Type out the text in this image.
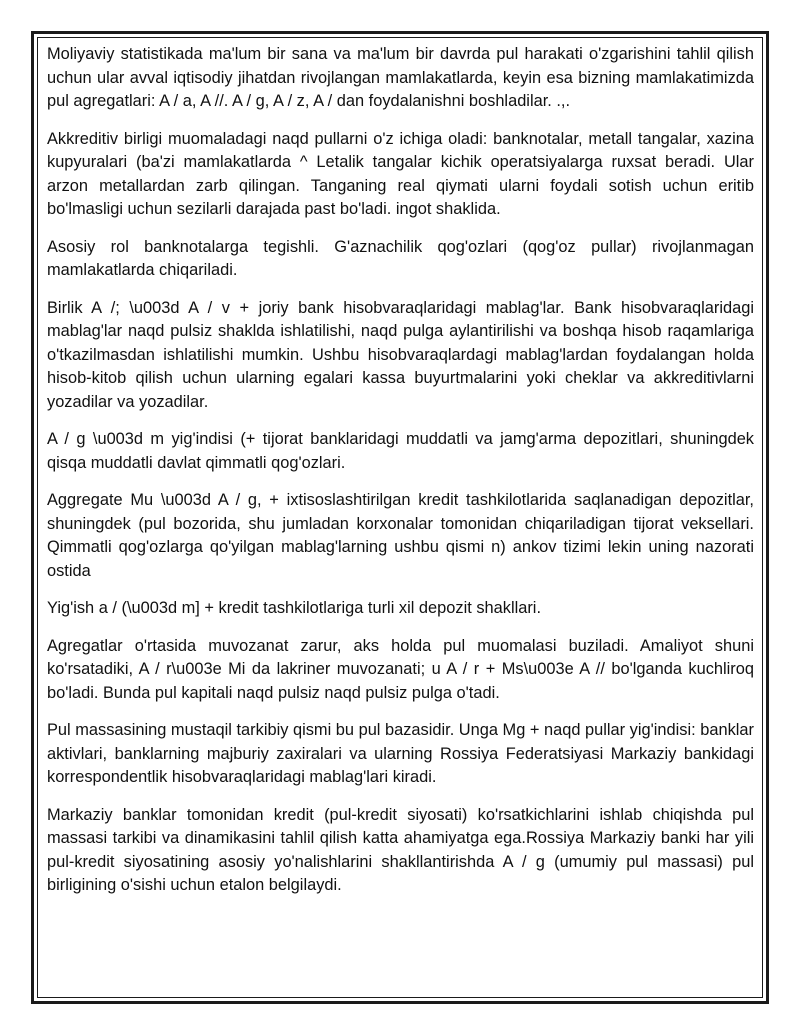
Moliyaviy statistikada ma'lum bir sana va ma'lum bir davrda pul harakati o'zgarishini tahlil qilish uchun ular avval iqtisodiy jihatdan rivojlangan mamlakatlarda, keyin esa bizning mamlakatimizda pul agregatlari: A / a, A //. A / g, A / z, A / dan foydalanishni boshladilar. .,.

Akkreditiv birligi muomaladagi naqd pullarni o'z ichiga oladi: banknotalar, metall tangalar, xazina kupyuralari (ba'zi mamlakatlarda ^ Letalik tangalar kichik operatsiyalarga ruxsat beradi. Ular arzon metallardan zarb qilingan. Tanganing real qiymati ularni foydali sotish uchun eritib bo'lmasligi uchun sezilarli darajada past bo'ladi. ingot shaklida.

Asosiy rol banknotalarga tegishli. G'aznachilik qog'ozlari (qog'oz pullar) rivojlanmagan mamlakatlarda chiqariladi.

Birlik A /; \u003d A / v + joriy bank hisobvaraqlaridagi mablag'lar. Bank hisobvaraqlaridagi mablag'lar naqd pulsiz shaklda ishlatilishi, naqd pulga aylantirilishi va boshqa hisob raqamlariga o'tkazilmasdan ishlatilishi mumkin. Ushbu hisobvaraqlardagi mablag'lardan foydalangan holda hisob-kitob qilish uchun ularning egalari kassa buyurtmalarini yoki cheklar va akkreditivlarni yozadilar va yozadilar.

A / g \u003d m yig'indisi (+ tijorat banklaridagi muddatli va jamg'arma depozitlari, shuningdek qisqa muddatli davlat qimmatli qog'ozlari.

Aggregate Mu \u003d A / g, + ixtisoslashtirilgan kredit tashkilotlarida saqlanadigan depozitlar, shuningdek (pul bozorida, shu jumladan korxonalar tomonidan chiqariladigan tijorat veksellari. Qimmatli qog'ozlarga qo'yilgan mablag'larning ushbu qismi n) ankov tizimi lekin uning nazorati ostida

Yig'ish a / (\u003d m] + kredit tashkilotlariga turli xil depozit shakllari.

Agregatlar o'rtasida muvozanat zarur, aks holda pul muomalasi buziladi. Amaliyot shuni ko'rsatadiki, A / r\u003e Mi da lakriner muvozanati; u A / r + Ms\u003e A // bo'lganda kuchliroq bo'ladi. Bunda pul kapitali naqd pulsiz naqd pulsiz pulga o'tadi.

Pul massasining mustaqil tarkibiy qismi bu pul bazasidir. Unga Mg + naqd pullar yig'indisi: banklar aktivlari, banklarning majburiy zaxiralari va ularning Rossiya Federatsiyasi Markaziy bankidagi korrespondentlik hisobvaraqlaridagi mablag'lari kiradi.

Markaziy banklar tomonidan kredit (pul-kredit siyosati) ko'rsatkichlarini ishlab chiqishda pul massasi tarkibi va dinamikasini tahlil qilish katta ahamiyatga ega.Rossiya Markaziy banki har yili pul-kredit siyosatining asosiy yo'nalishlarini shakllantirishda A / g (umumiy pul massasi) pul birligining o'sishi uchun etalon belgilaydi.
